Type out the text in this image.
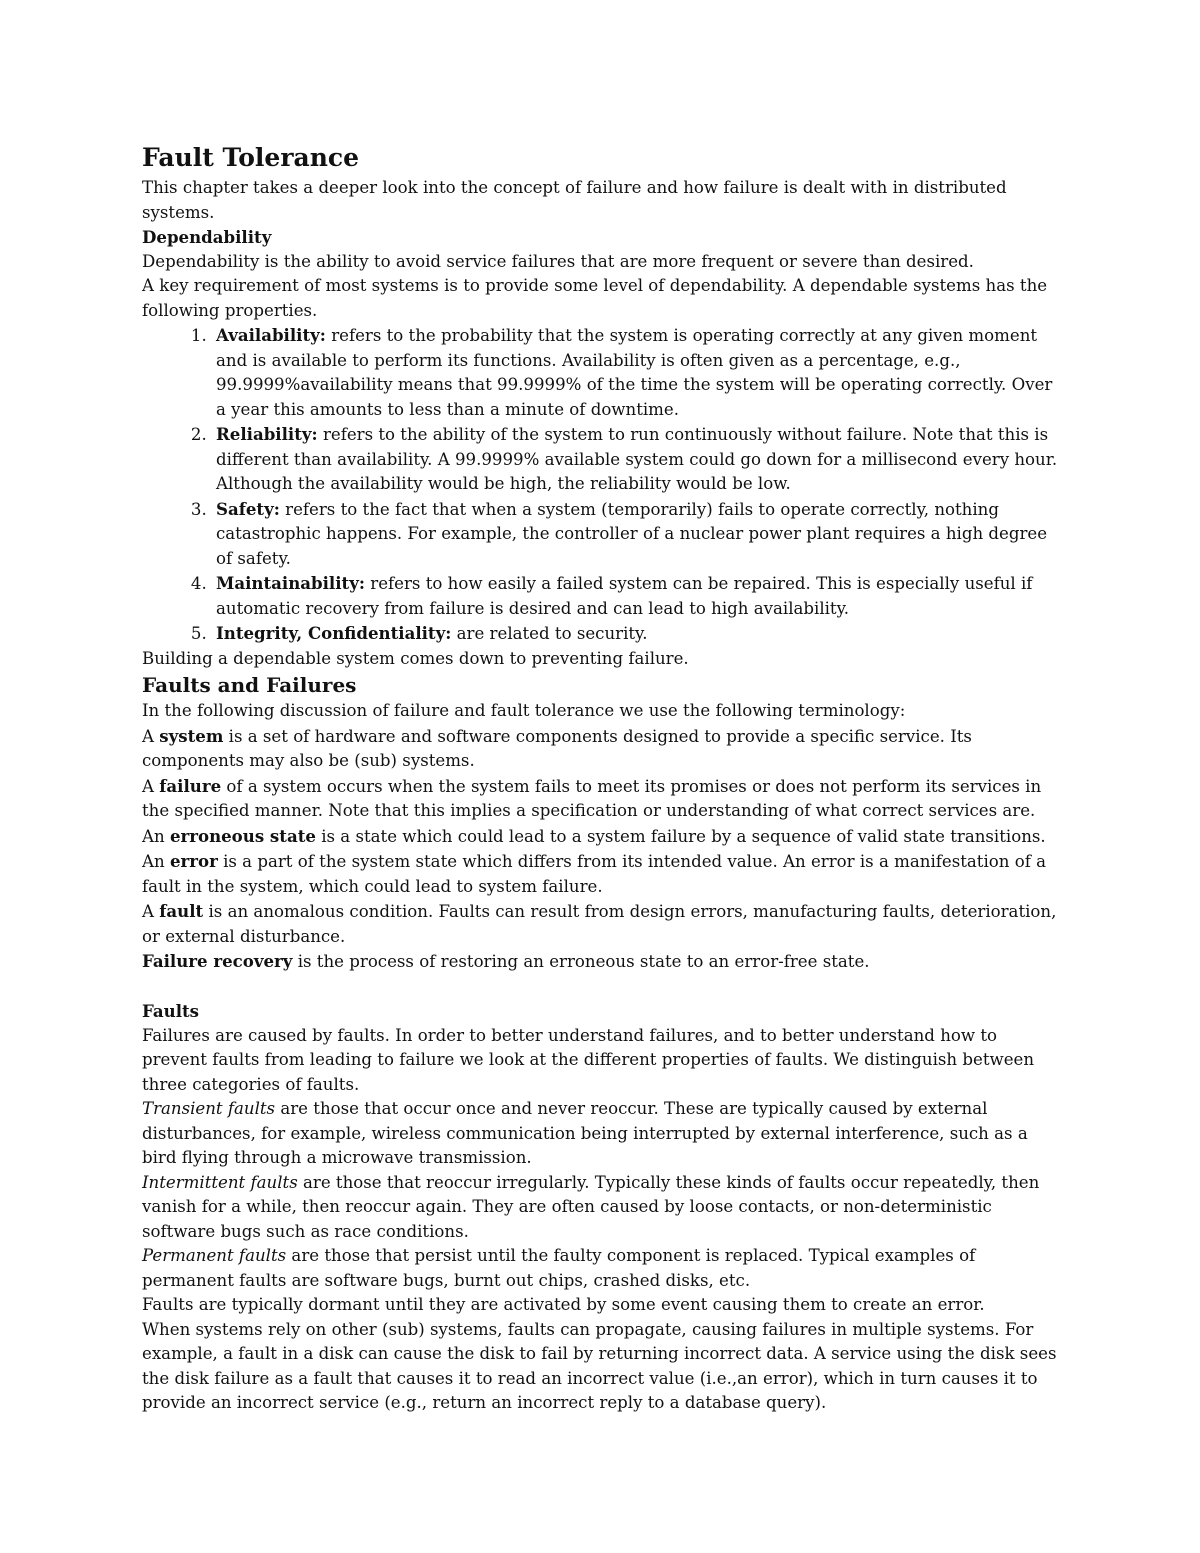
Fault Tolerance

This chapter takes a deeper look into the concept of failure and how failure is dealt with in distributed systems.

Dependability

Dependability is the ability to avoid service failures that are more frequent or severe than desired.

A key requirement of most systems is to provide some level of dependability. A dependable systems has the following properties.

1. Availability: refers to the probability that the system is operating correctly at any given moment and is available to perform its functions. Availability is often given as a percentage, e.g., 99.9999%availability means that 99.9999% of the time the system will be operating correctly. Over a year this amounts to less than a minute of downtime.
2. Reliability: refers to the ability of the system to run continuously without failure. Note that this is different than availability. A 99.9999% available system could go down for a millisecond every hour. Although the availability would be high, the reliability would be low.
3. Safety: refers to the fact that when a system (temporarily) fails to operate correctly, nothing catastrophic happens. For example, the controller of a nuclear power plant requires a high degree of safety.
4. Maintainability: refers to how easily a failed system can be repaired. This is especially useful if automatic recovery from failure is desired and can lead to high availability.
5. Integrity, Confidentiality: are related to security.

Building a dependable system comes down to preventing failure.

Faults and Failures

In the following discussion of failure and fault tolerance we use the following terminology:

A system is a set of hardware and software components designed to provide a specific service. Its components may also be (sub) systems.

A failure of a system occurs when the system fails to meet its promises or does not perform its services in the specified manner. Note that this implies a specification or understanding of what correct services are.

An erroneous state is a state which could lead to a system failure by a sequence of valid state transitions.

An error is a part of the system state which differs from its intended value. An error is a manifestation of a fault in the system, which could lead to system failure.

A fault is an anomalous condition. Faults can result from design errors, manufacturing faults, deterioration, or external disturbance.

Failure recovery is the process of restoring an erroneous state to an error-free state.

Faults

Failures are caused by faults. In order to better understand failures, and to better understand how to prevent faults from leading to failure we look at the different properties of faults. We distinguish between three categories of faults.

Transient faults are those that occur once and never reoccur. These are typically caused by external disturbances, for example, wireless communication being interrupted by external interference, such as a bird flying through a microwave transmission.

Intermittent faults are those that reoccur irregularly. Typically these kinds of faults occur repeatedly, then vanish for a while, then reoccur again. They are often caused by loose contacts, or non-deterministic software bugs such as race conditions.

Permanent faults are those that persist until the faulty component is replaced. Typical examples of permanent faults are software bugs, burnt out chips, crashed disks, etc.

Faults are typically dormant until they are activated by some event causing them to create an error.

When systems rely on other (sub) systems, faults can propagate, causing failures in multiple systems. For example, a fault in a disk can cause the disk to fail by returning incorrect data. A service using the disk sees the disk failure as a fault that causes it to read an incorrect value (i.e.,an error), which in turn causes it to provide an incorrect service (e.g., return an incorrect reply to a database query).
